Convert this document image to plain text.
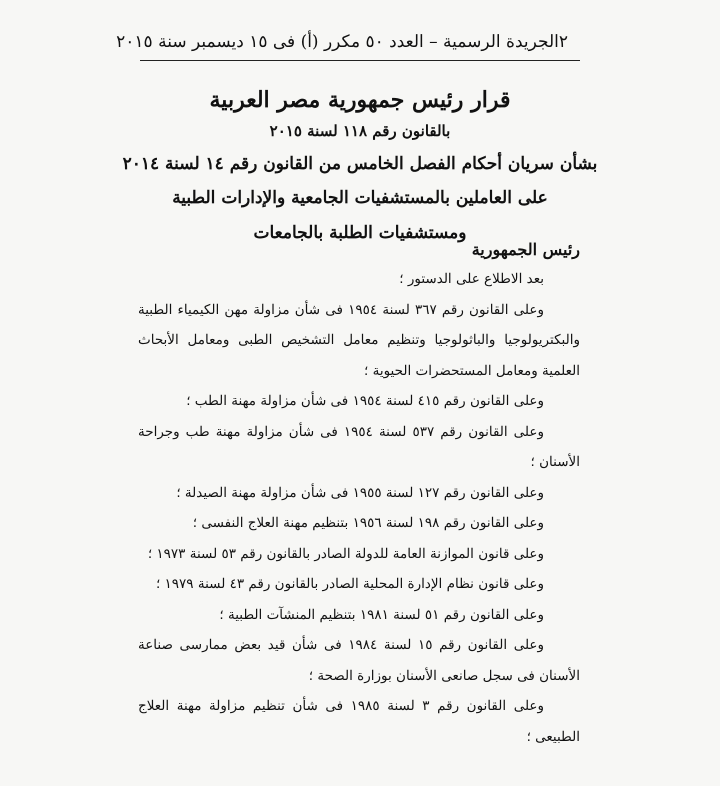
٢
الجريدة الرسمية – العدد ٥٠ مكرر (أ) فى ١٥ ديسمبر سنة ٢٠١٥
قرار رئيس جمهورية مصر العربية
بالقانون رقم ١١٨ لسنة ٢٠١٥
بشأن سريان أحكام الفصل الخامس من القانون رقم ١٤ لسنة ٢٠١٤
على العاملين بالمستشفيات الجامعية والإدارات الطبية
ومستشفيات الطلبة بالجامعات
رئيس الجمهورية

بعد الاطلاع على الدستور ؛

وعلى القانون رقم ٣٦٧ لسنة ١٩٥٤ فى شأن مزاولة مهن الكيمياء الطبية والبكتريولوجيا والباثولوجيا وتنظيم معامل التشخيص الطبى ومعامل الأبحاث العلمية ومعامل المستحضرات الحيوية ؛

وعلى القانون رقم ٤١٥ لسنة ١٩٥٤ فى شأن مزاولة مهنة الطب ؛

وعلى القانون رقم ٥٣٧ لسنة ١٩٥٤ فى شأن مزاولة مهنة طب وجراحة الأسنان ؛

وعلى القانون رقم ١٢٧ لسنة ١٩٥٥ فى شأن مزاولة مهنة الصيدلة ؛

وعلى القانون رقم ١٩٨ لسنة ١٩٥٦ بتنظيم مهنة العلاج النفسى ؛

وعلى قانون الموازنة العامة للدولة الصادر بالقانون رقم ٥٣ لسنة ١٩٧٣ ؛

وعلى قانون نظام الإدارة المحلية الصادر بالقانون رقم ٤٣ لسنة ١٩٧٩ ؛

وعلى القانون رقم ٥١ لسنة ١٩٨١ بتنظيم المنشآت الطبية ؛

وعلى القانون رقم ١٥ لسنة ١٩٨٤ فى شأن قيد بعض ممارسى صناعة الأسنان فى سجل صانعى الأسنان بوزارة الصحة ؛

وعلى القانون رقم ٣ لسنة ١٩٨٥ فى شأن تنظيم مزاولة مهنة العلاج الطبيعى ؛
